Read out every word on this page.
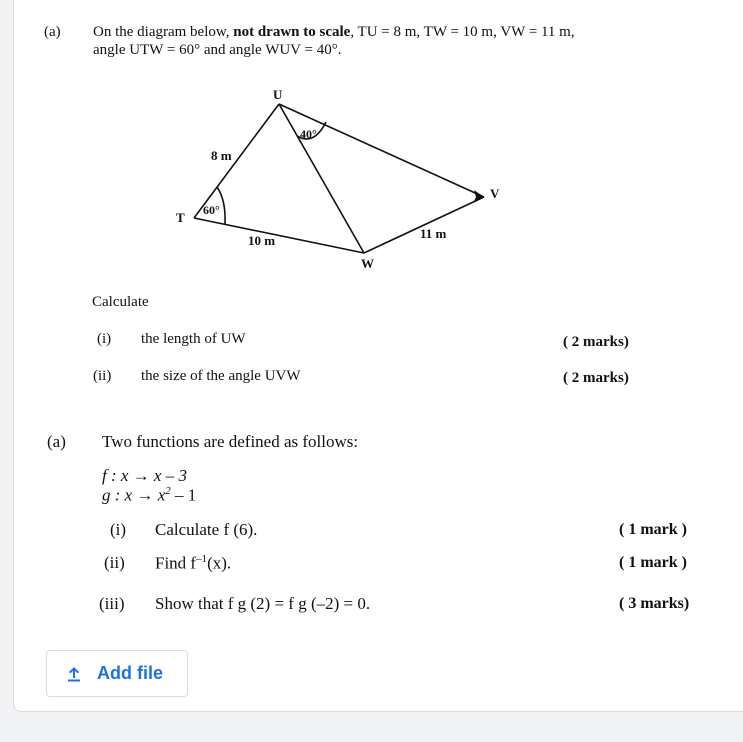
(a) On the diagram below, not drawn to scale, TU = 8 m, TW = 10 m, VW = 11 m,
angle UTW = 60° and angle WUV = 40°.
U
T
V
W
8 m
10 m	11 m
60°
40°
Calculate
(i) the length of UW	( 2 marks)
(ii) the size of the angle UVW	( 2 marks)
(a) Two functions are defined as follows:
f : x → x – 3
g : $x \to x^2 - 1$
(i) Calculate f (6).	( 1 mark )
(ii) Find $f^{-1}(x)$.	( 1 mark )
(iii) Show that f g (2) = f g (–2) = 0.	( 3 marks)
Add file
